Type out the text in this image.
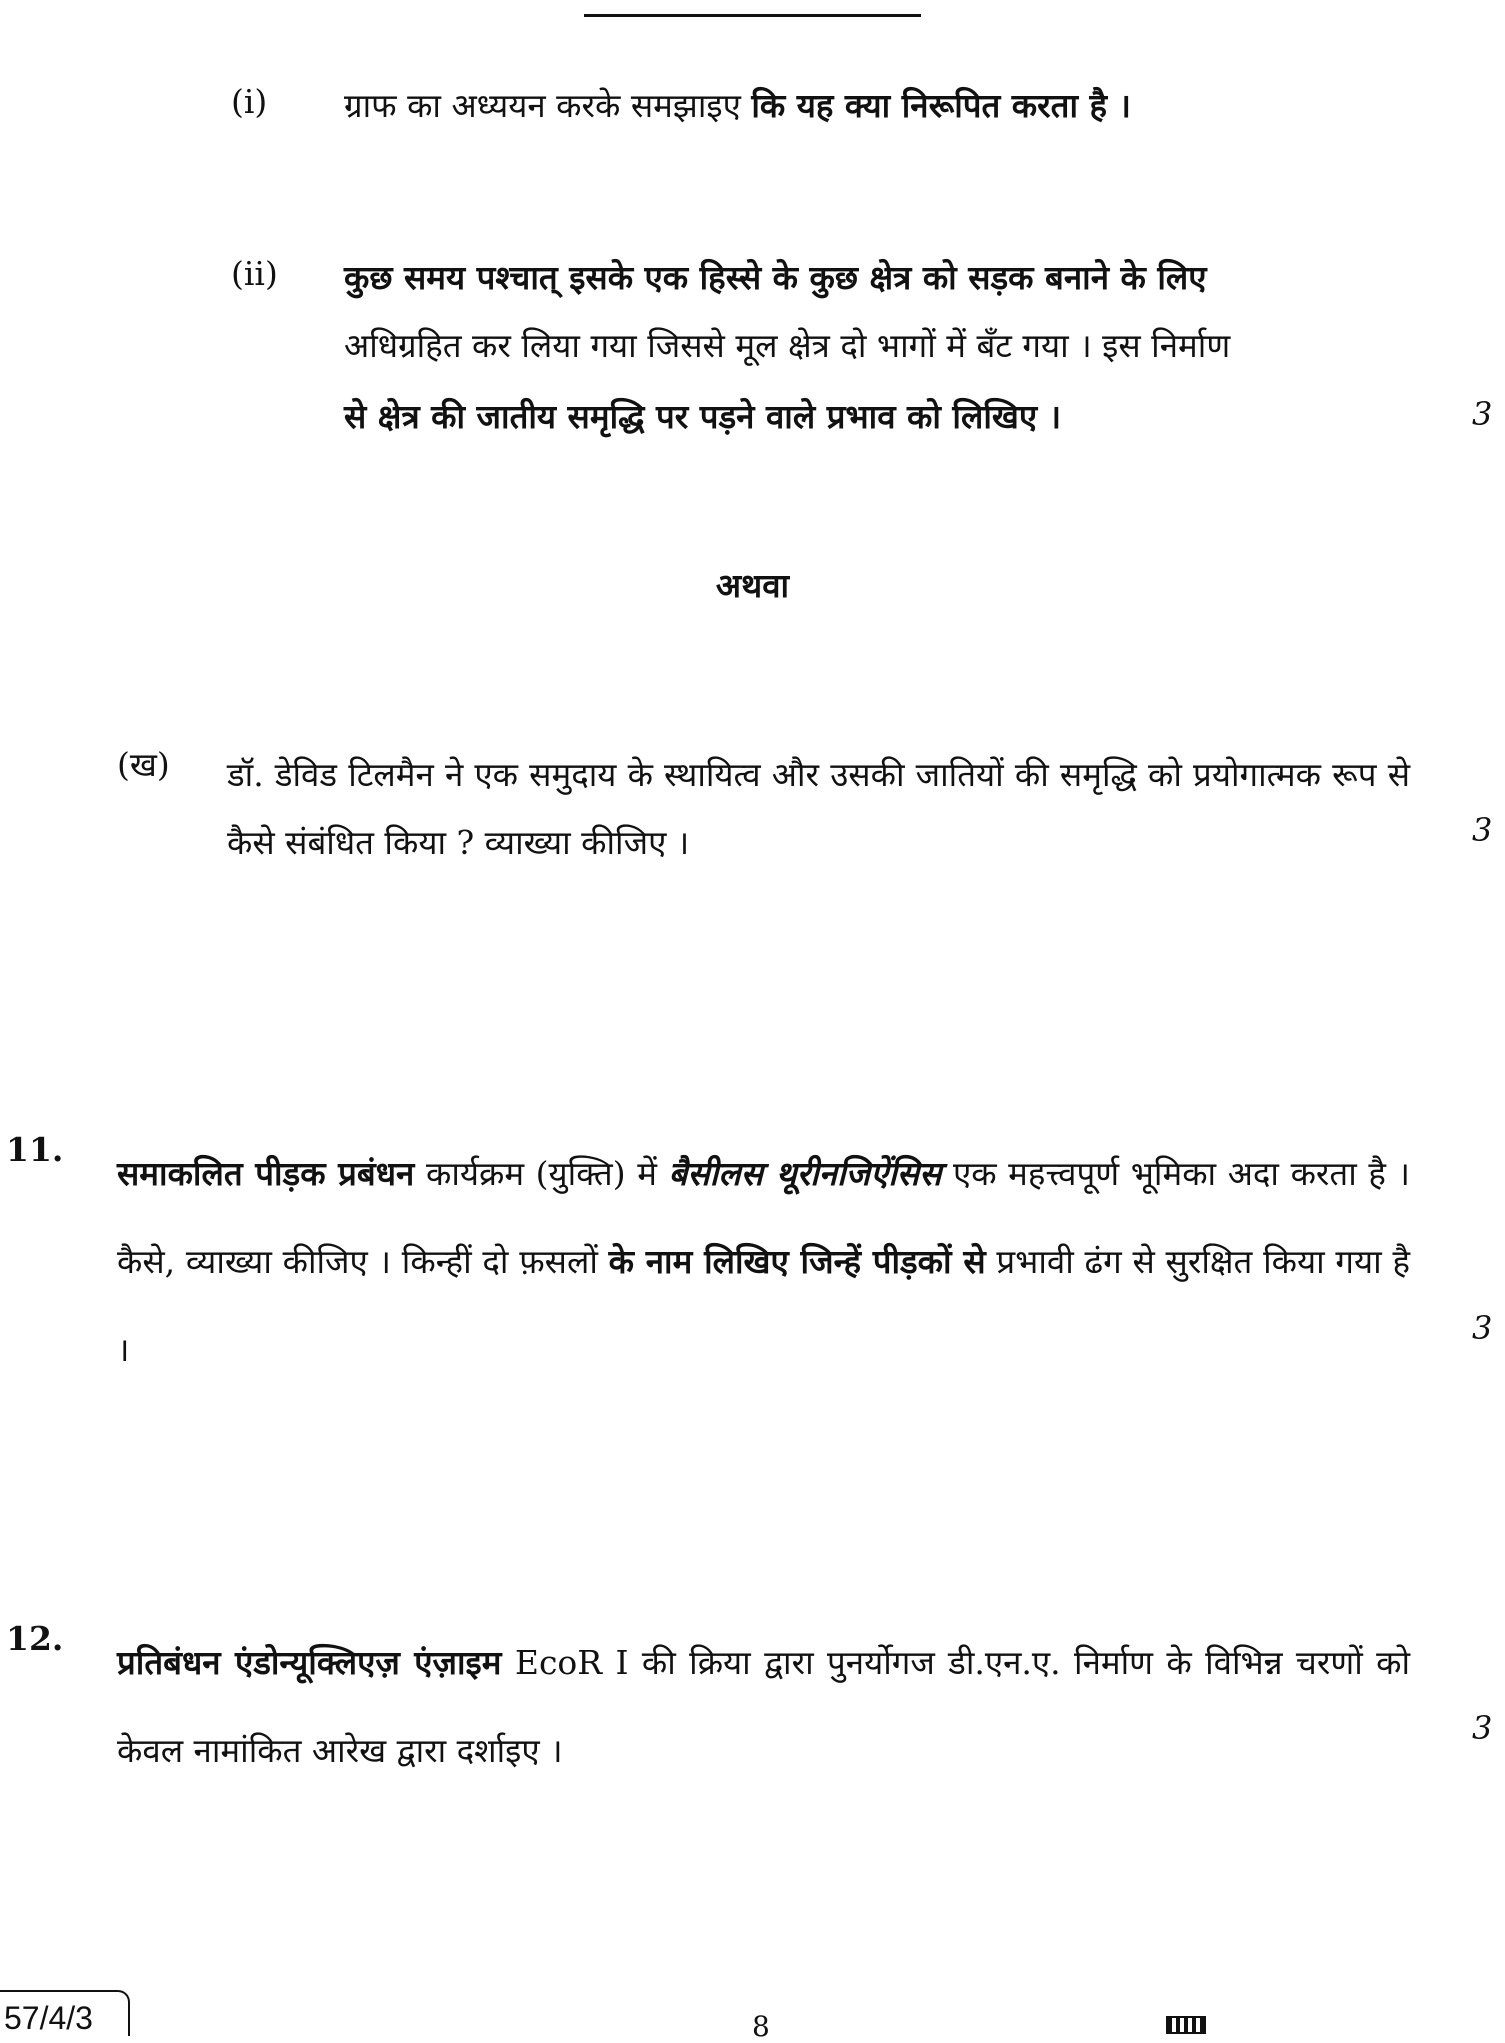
(i) ग्राफ का अध्ययन करके समझाइए कि यह क्या निरूपित करता है ।
(ii) कुछ समय पश्चात् इसके एक हिस्से के कुछ क्षेत्र को सड़क बनाने के लिए
अधिग्रहित कर लिया गया जिससे मूल क्षेत्र दो भागों में बँट गया । इस निर्माण
से क्षेत्र की जातीय समृद्धि पर पड़ने वाले प्रभाव को लिखिए ।	3
अथवा
(ख) डॉ. डेविड टिलमैन ने एक समुदाय के स्थायित्व और उसकी जातियों की समृद्धि को प्रयोगात्मक रूप से कैसे संबंधित किया ? व्याख्या कीजिए ।	3
11.
समाकलित पीड़क प्रबंधन कार्यक्रम (युक्ति) में बैसीलस थूरीनजिऐंसिस एक महत्त्वपूर्ण भूमिका अदा करता है । कैसे, व्याख्या कीजिए । किन्हीं दो फ़सलों के नाम लिखिए जिन्हें पीड़कों से प्रभावी ढंग से सुरक्षित किया गया है ।
3
12.
प्रतिबंधन एंडोन्यूक्लिएज़ एंज़ाइम EcoR I की क्रिया द्वारा पुनर्योगज डी.एन.ए. निर्माण के विभिन्न चरणों को केवल नामांकित आरेख द्वारा दर्शाइए ।
3
57/4/3	8
